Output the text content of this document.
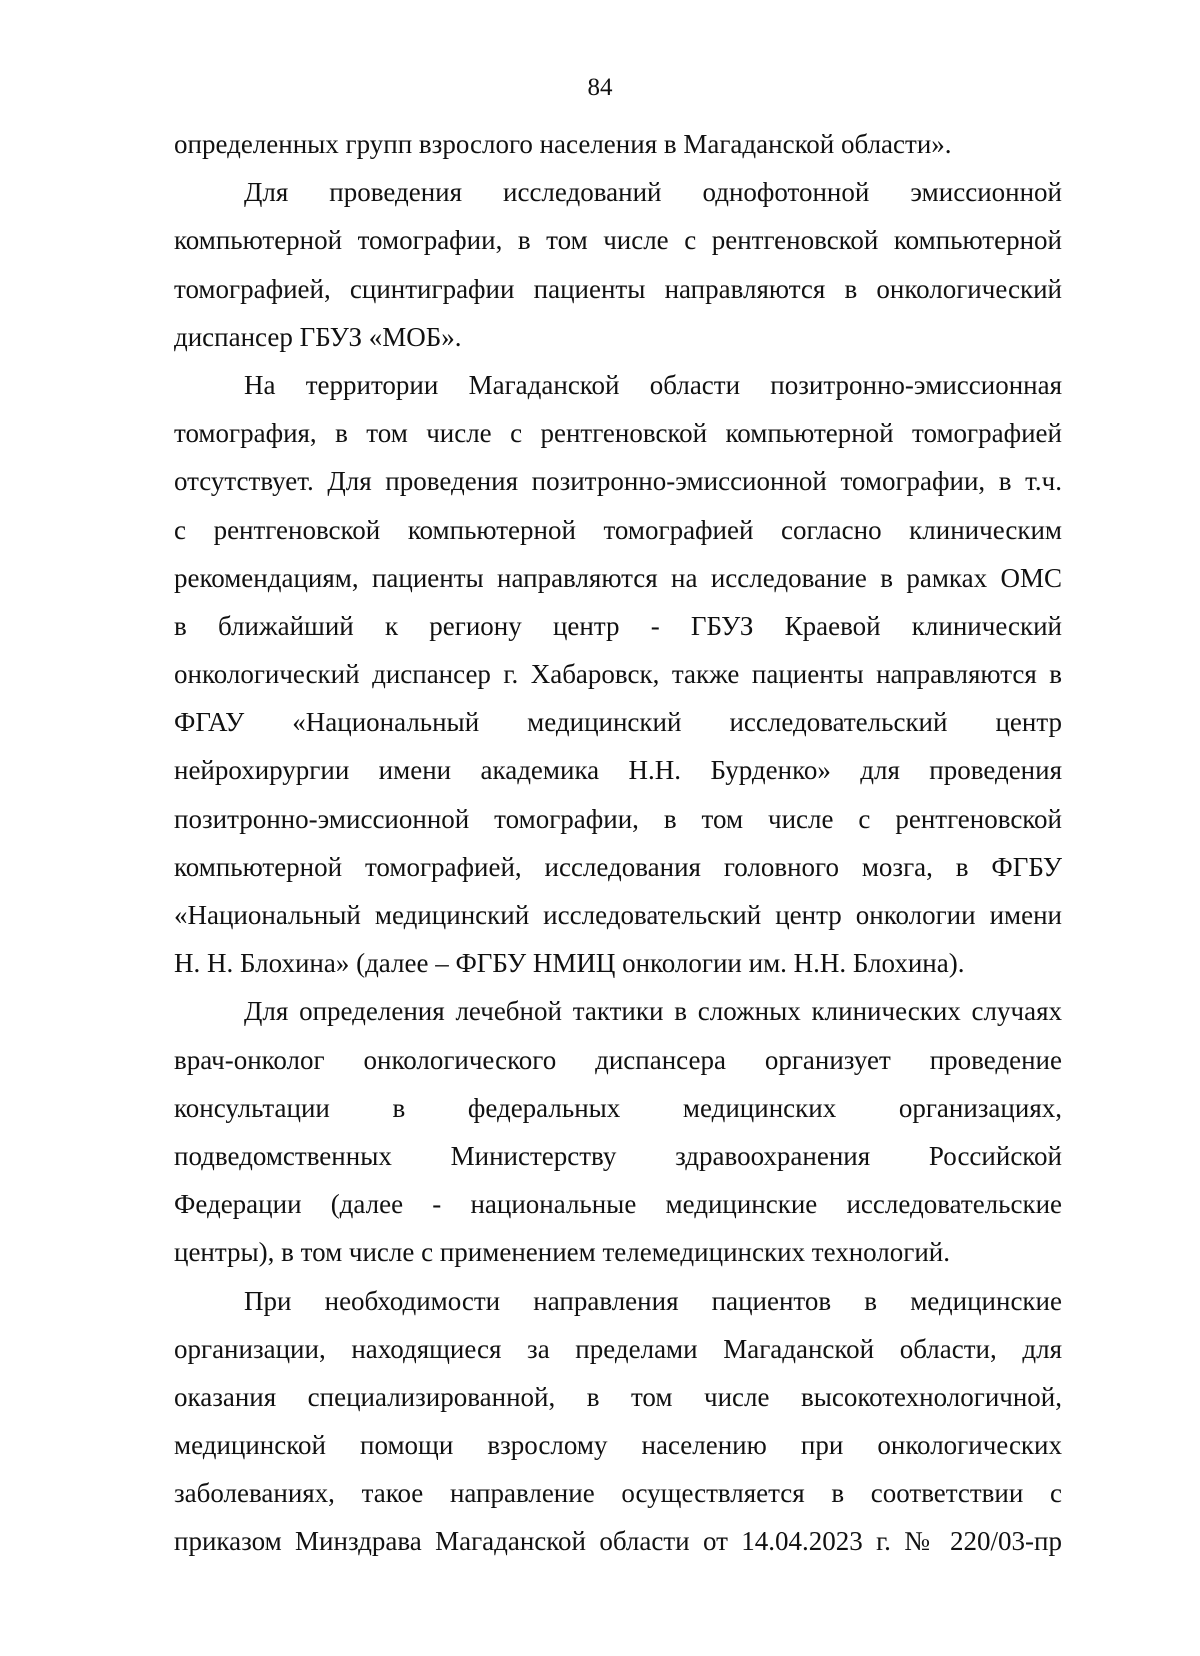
84
определенных групп взрослого населения в Магаданской области».
Для проведения исследований однофотонной эмиссионной
компьютерной томографии, в том числе с рентгеновской компьютерной
томографией, сцинтиграфии пациенты направляются в онкологический
диспансер ГБУЗ «МОБ».
На территории Магаданской области позитронно-эмиссионная
томография, в том числе с рентгеновской компьютерной томографией
отсутствует. Для проведения позитронно-эмиссионной томографии, в т.ч.
с рентгеновской компьютерной томографией согласно клиническим
рекомендациям, пациенты направляются на исследование в рамках ОМС
в ближайший к региону центр - ГБУЗ Краевой клинический
онкологический диспансер г. Хабаровск, также пациенты направляются в
ФГАУ «Национальный медицинский исследовательский центр
нейрохирургии имени академика Н.Н. Бурденко» для проведения
позитронно-эмиссионной томографии, в том числе с рентгеновской
компьютерной томографией, исследования головного мозга, в ФГБУ
«Национальный медицинский исследовательский центр онкологии имени
Н. Н. Блохина» (далее – ФГБУ НМИЦ онкологии им. Н.Н. Блохина).
Для определения лечебной тактики в сложных клинических случаях
врач-онколог онкологического диспансера организует проведение
консультации в федеральных медицинских организациях,
подведомственных Министерству здравоохранения Российской
Федерации (далее - национальные медицинские исследовательские
центры), в том числе с применением телемедицинских технологий.
При необходимости направления пациентов в медицинские
организации, находящиеся за пределами Магаданской области, для
оказания специализированной, в том числе высокотехнологичной,
медицинской помощи взрослому населению при онкологических
заболеваниях, такое направление осуществляется в соответствии с
приказом Минздрава Магаданской области от 14.04.2023 г. № 220/03-пр
